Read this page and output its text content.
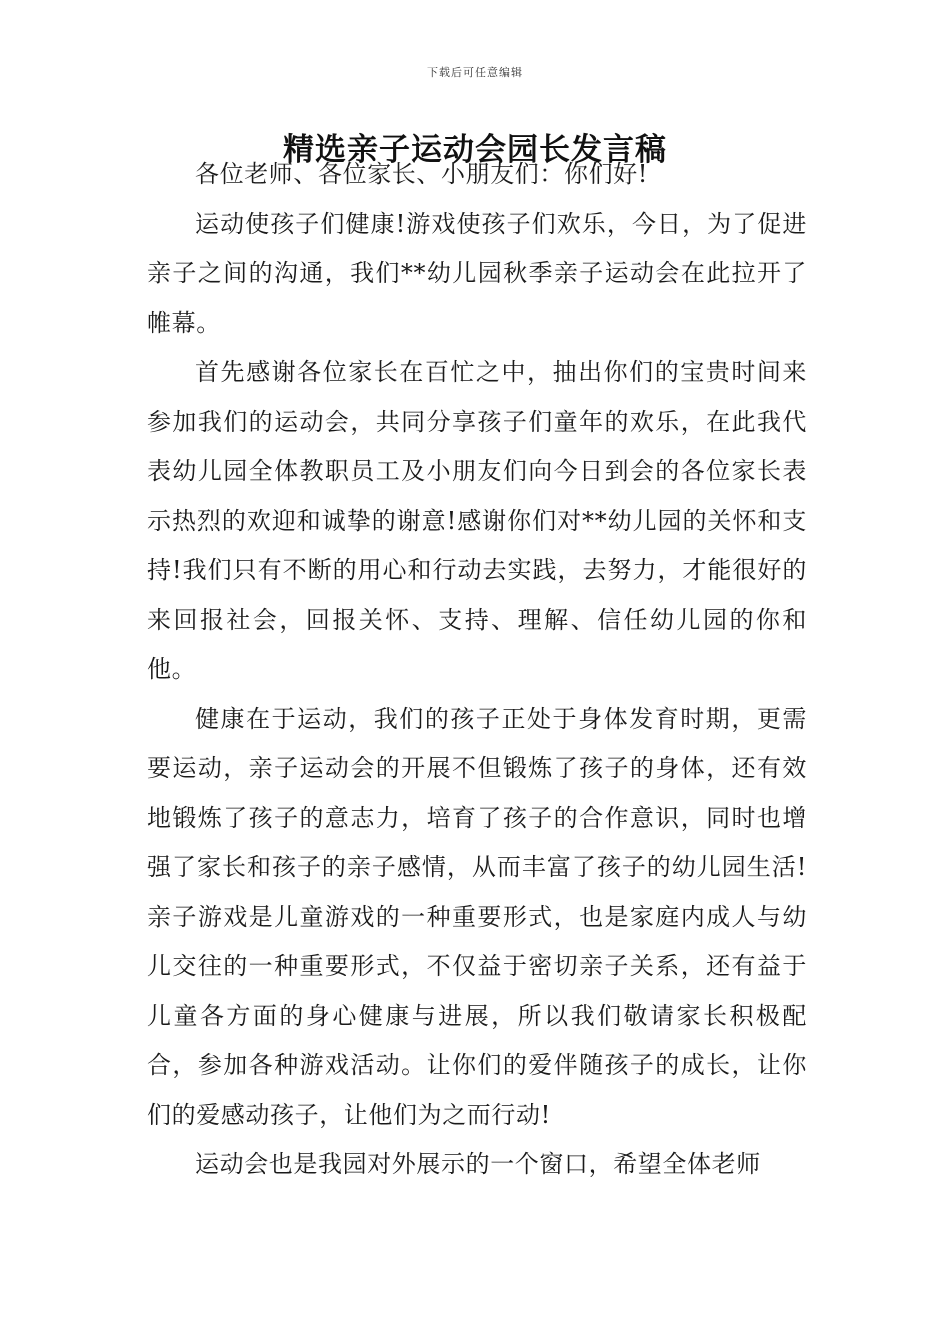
下载后可任意编辑
精选亲子运动会园长发言稿

各位老师、各位家长、小朋友们：你们好!

运动使孩子们健康!游戏使孩子们欢乐，今日，为了促进亲子之间的沟通，我们**幼儿园秋季亲子运动会在此拉开了帷幕。

首先感谢各位家长在百忙之中，抽出你们的宝贵时间来参加我们的运动会，共同分享孩子们童年的欢乐，在此我代表幼儿园全体教职员工及小朋友们向今日到会的各位家长表示热烈的欢迎和诚挚的谢意!感谢你们对**幼儿园的关怀和支持!我们只有不断的用心和行动去实践，去努力，才能很好的来回报社会，回报关怀、支持、理解、信任幼儿园的你和他。

健康在于运动，我们的孩子正处于身体发育时期，更需要运动，亲子运动会的开展不但锻炼了孩子的身体，还有效地锻炼了孩子的意志力，培育了孩子的合作意识，同时也增强了家长和孩子的亲子感情，从而丰富了孩子的幼儿园生活!亲子游戏是儿童游戏的一种重要形式，也是家庭内成人与幼儿交往的一种重要形式，不仅益于密切亲子关系，还有益于儿童各方面的身心健康与进展，所以我们敬请家长积极配合，参加各种游戏活动。让你们的爱伴随孩子的成长，让你们的爱感动孩子，让他们为之而行动!

运动会也是我园对外展示的一个窗口，希望全体老师
